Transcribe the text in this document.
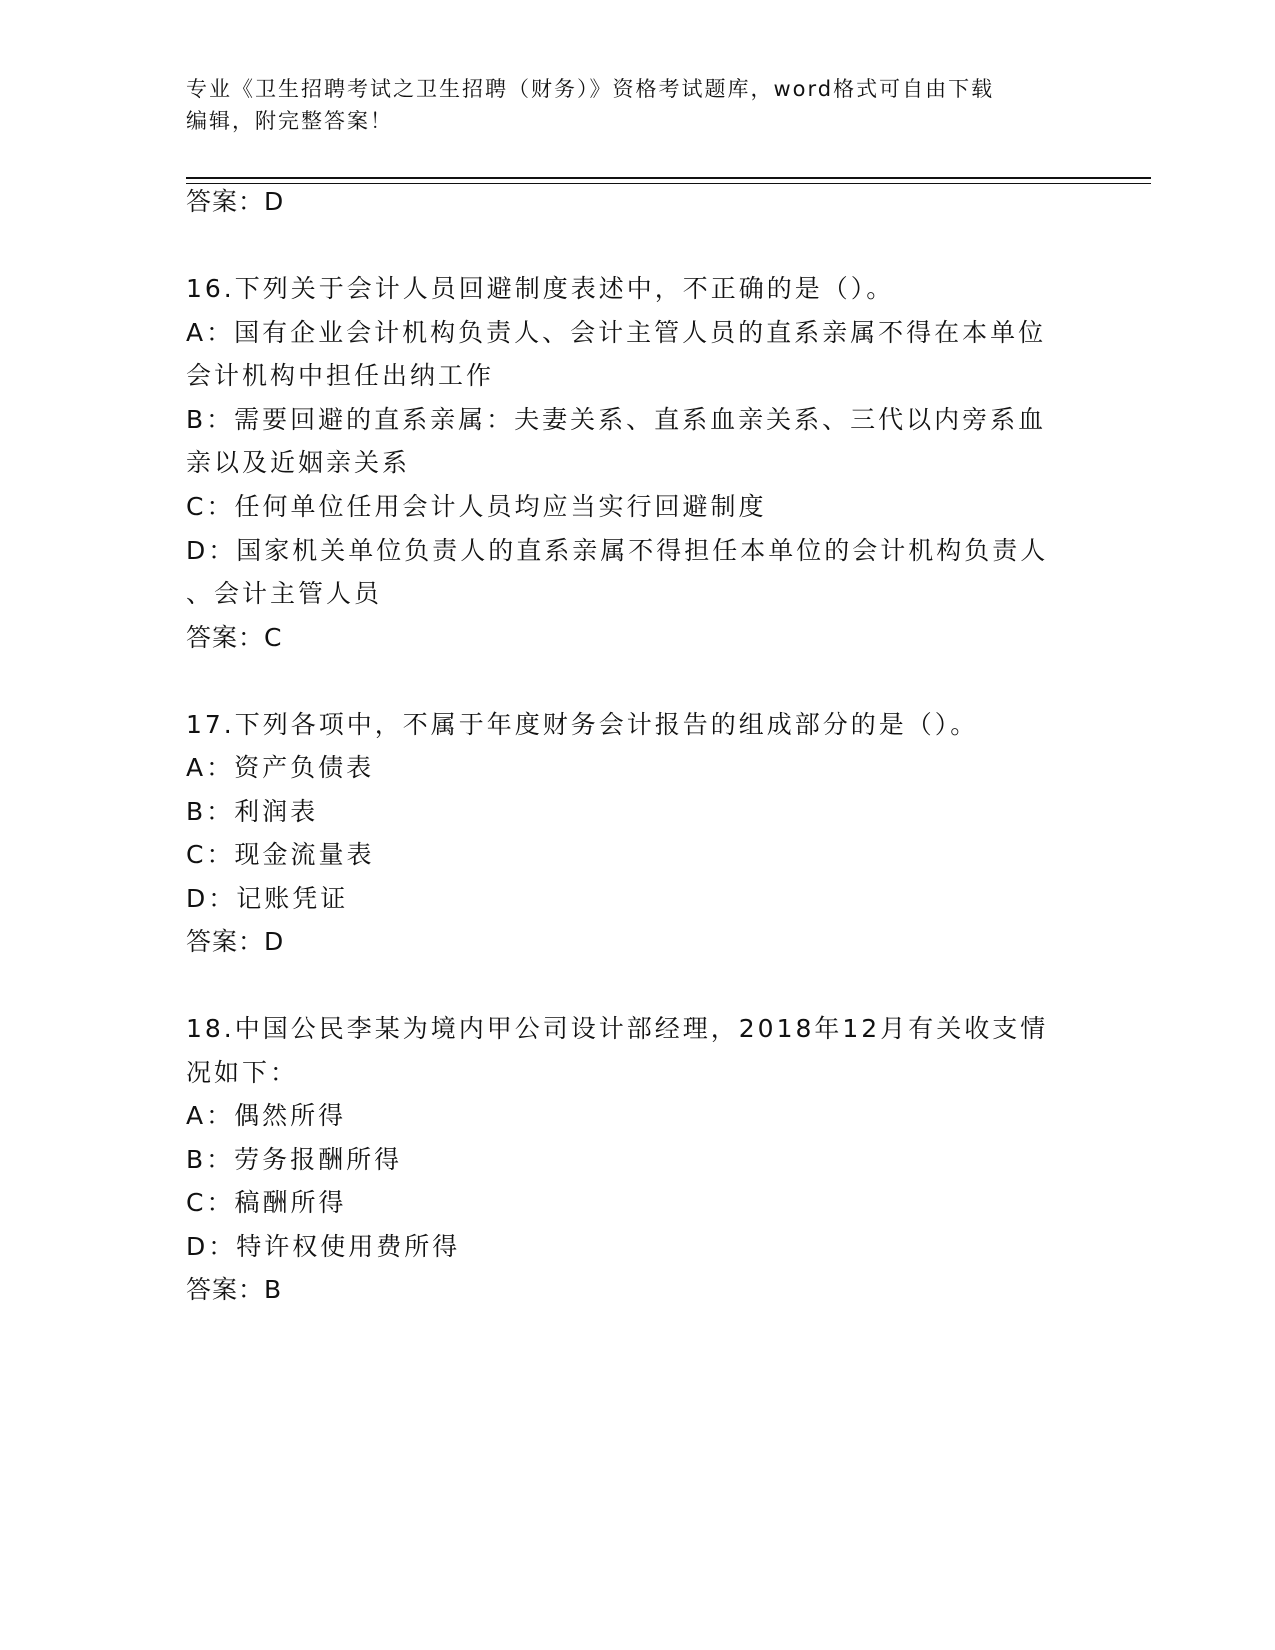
专业《卫生招聘考试之卫生招聘（财务）》资格考试题库，word格式可自由下载
编辑，附完整答案！
答案：D
16.下列关于会计人员回避制度表述中，不正确的是（）。
A：国有企业会计机构负责人、会计主管人员的直系亲属不得在本单位
会计机构中担任出纳工作
B：需要回避的直系亲属：夫妻关系、直系血亲关系、三代以内旁系血
亲以及近姻亲关系
C：任何单位任用会计人员均应当实行回避制度
D：国家机关单位负责人的直系亲属不得担任本单位的会计机构负责人
、会计主管人员
答案：C
17.下列各项中，不属于年度财务会计报告的组成部分的是（）。
A：资产负债表
B：利润表
C：现金流量表
D：记账凭证
答案：D
18.中国公民李某为境内甲公司设计部经理，2018年12月有关收支情
况如下：
A：偶然所得
B：劳务报酬所得
C：稿酬所得
D：特许权使用费所得
答案：B
